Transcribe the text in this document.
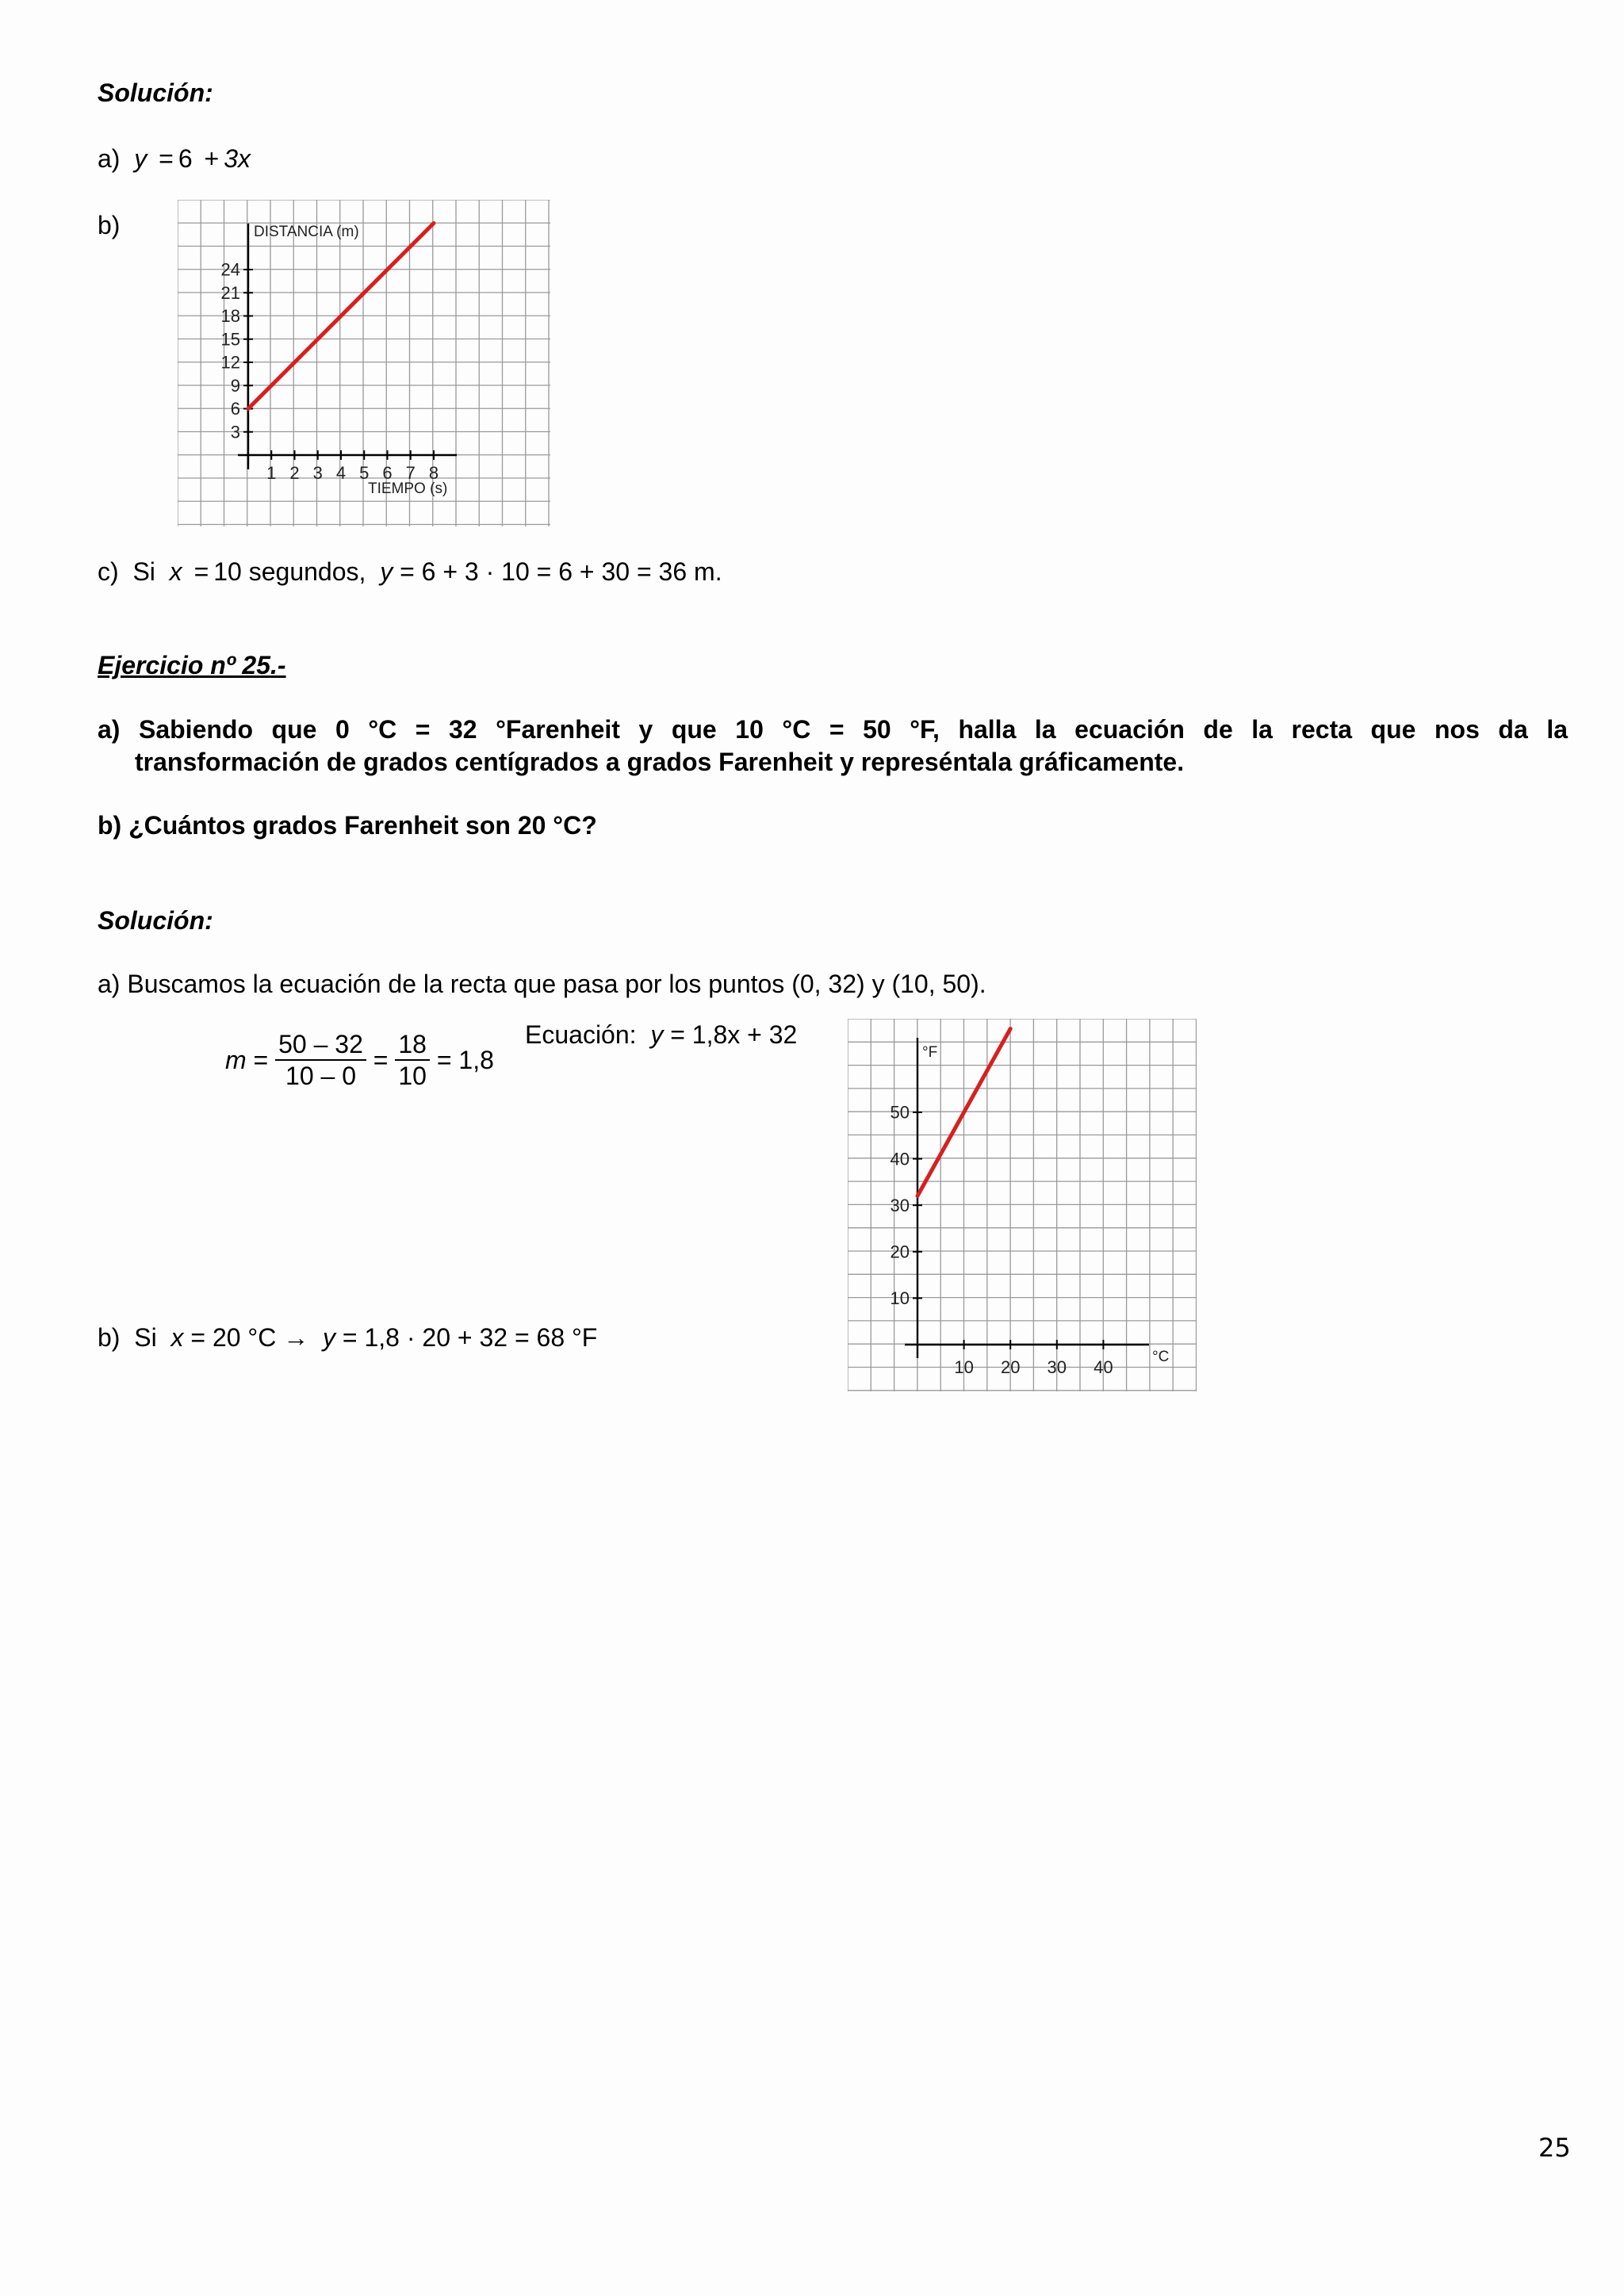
Solución:
a) y = 6 + 3x
b)
1 2 3 4 5 6 7 8
3
6
9
12
15
18
21
24
DISTANCIA (m)
TIEMPO (s)
c) Si x = 10 segundos, y = 6 + 3 · 10 = 6 + 30 = 36 m.
Ejercicio nº 25.-
a) Sabiendo que 0 °C = 32 °Farenheit y que 10 °C = 50 °F, halla la ecuación de la recta que nos da la
transformación de grados centígrados a grados Farenheit y represéntala gráficamente.
b) ¿Cuántos grados Farenheit son 20 °C?
Solución:
a) Buscamos la ecuación de la recta que pasa por los puntos (0, 32) y (10, 50).
$m = \frac{50 - 32}{10 - 0} = \frac{18}{10} = 1,8$
Ecuación: y = 1,8x + 32
10 20 30 40
10
20
30
40
50
°F
°C
b) Si x = 20 °C → y = 1,8 · 20 + 32 = 68 °F
25
